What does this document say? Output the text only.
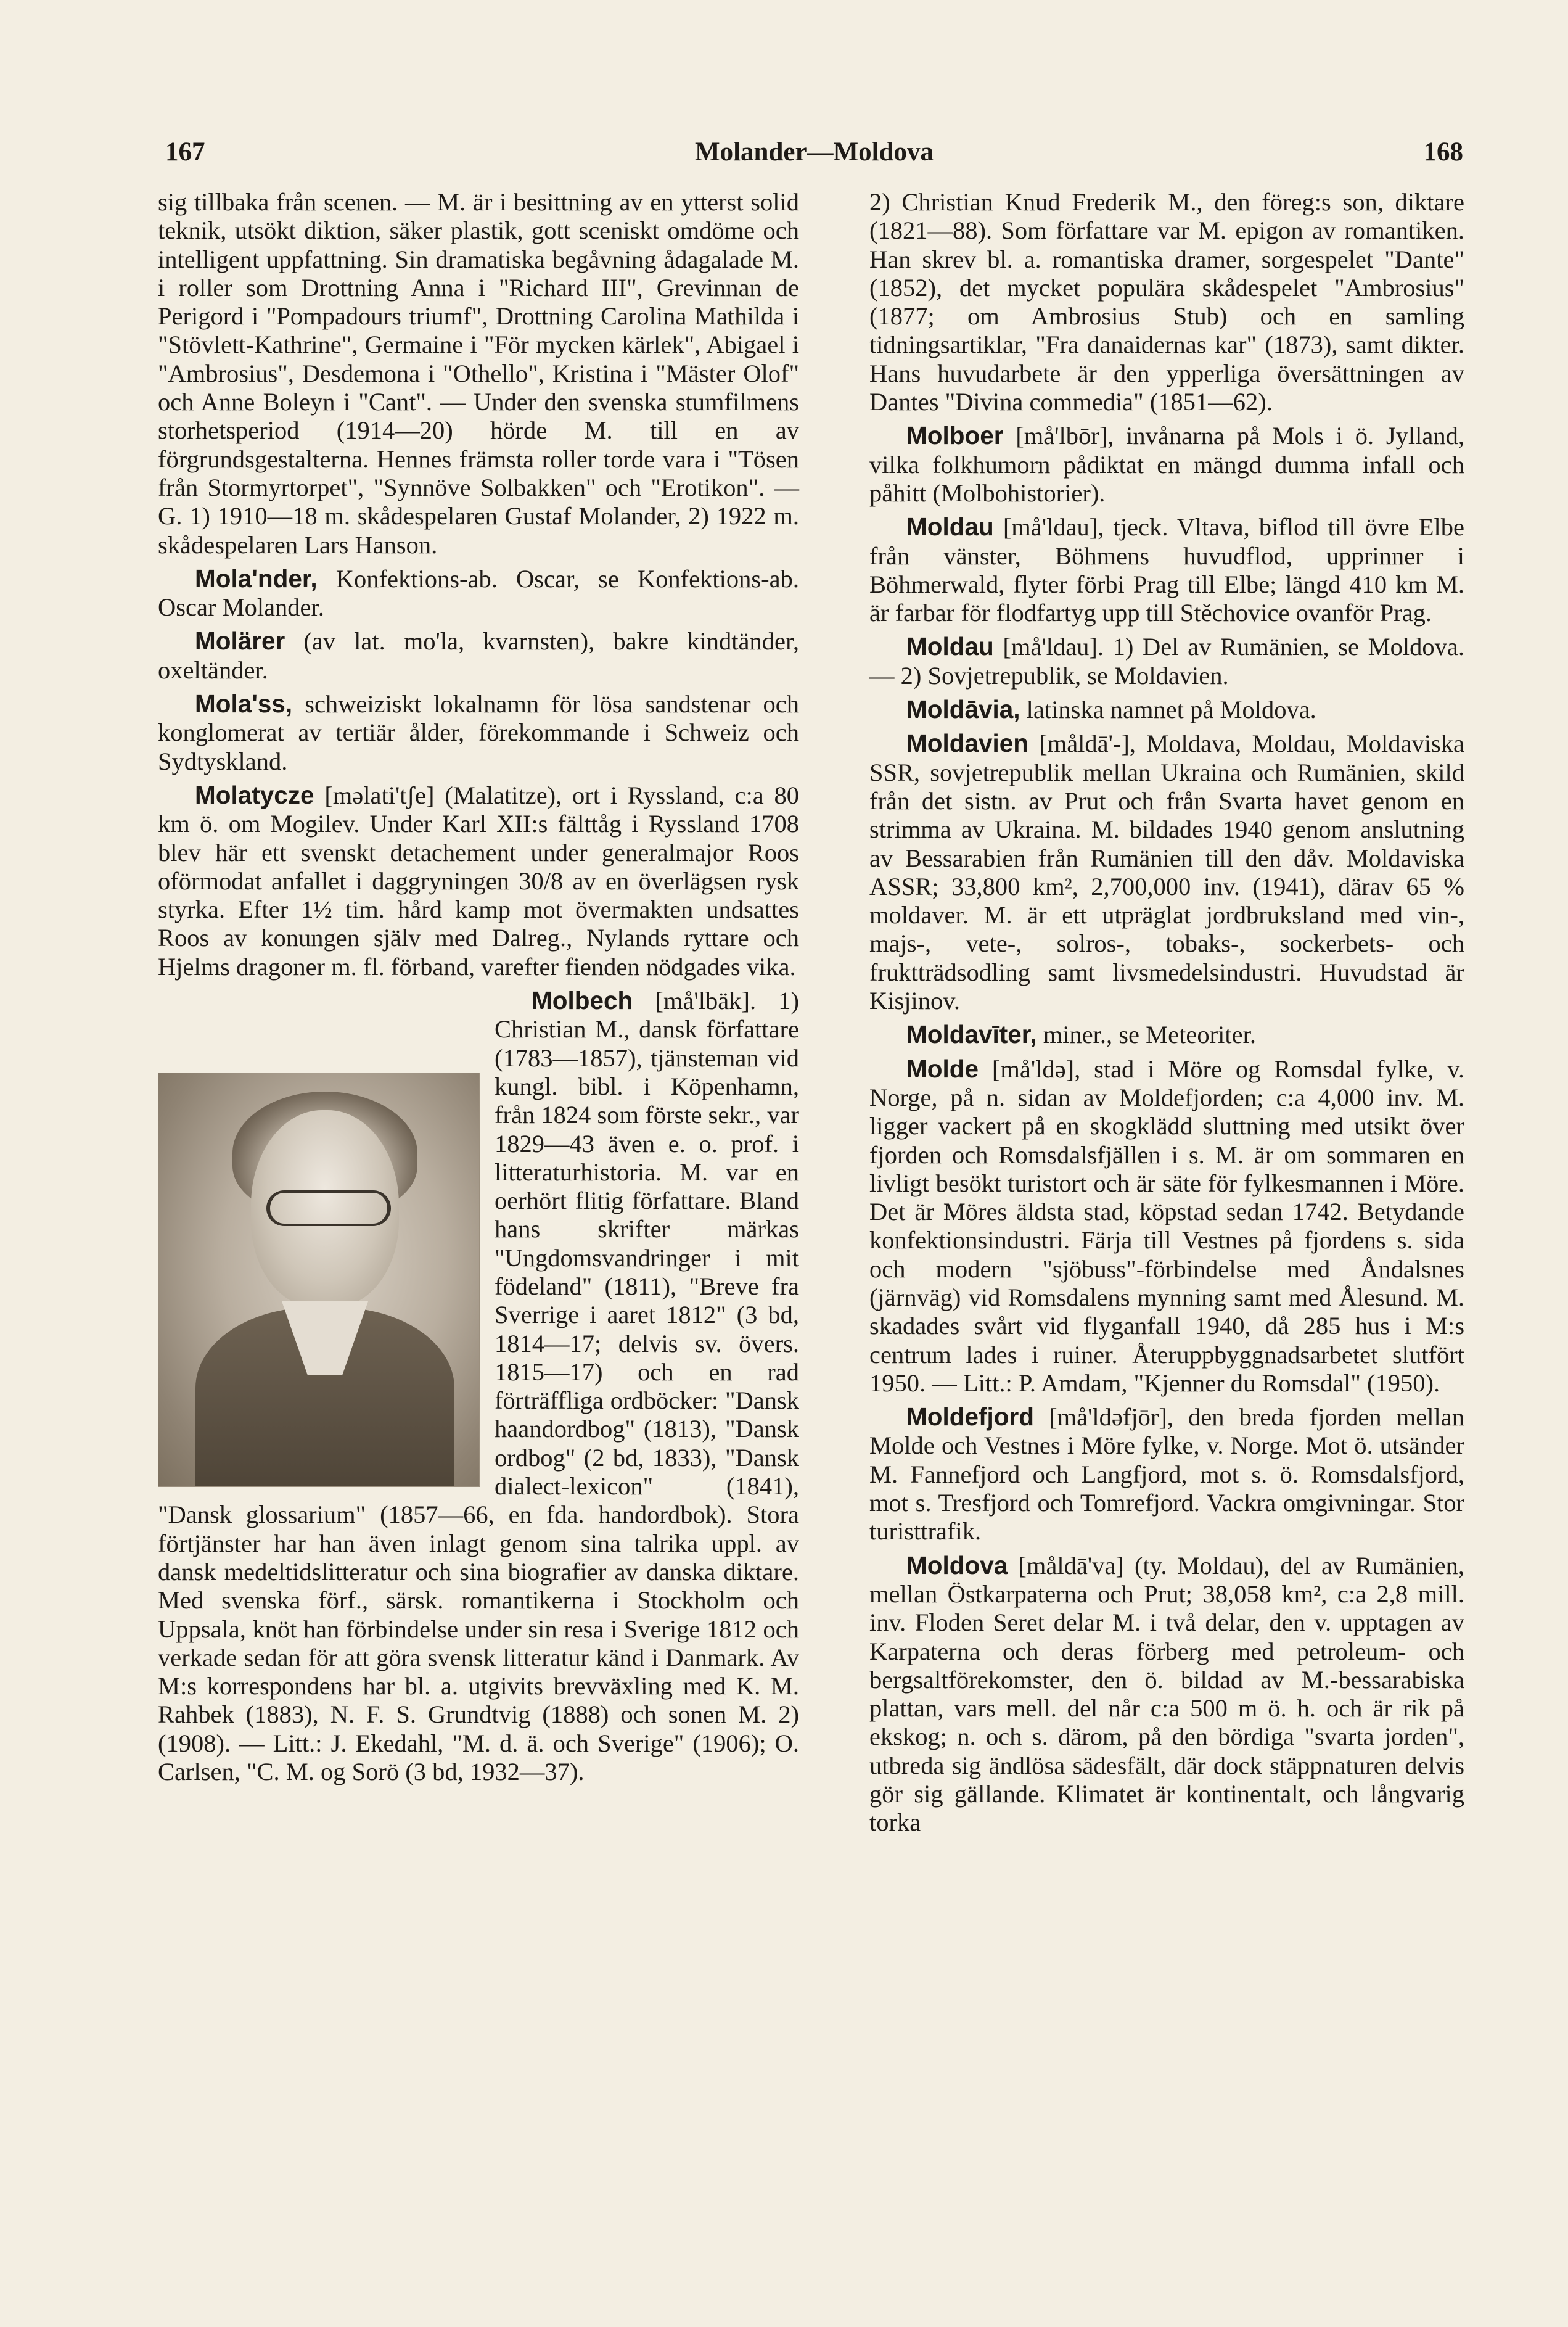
167	Molander—Moldova	168

sig tillbaka från scenen. — M. är i besittning av en ytterst solid teknik, utsökt diktion, säker plastik, gott sceniskt omdöme och intelligent uppfattning. Sin dramatiska begåvning ådagalade M. i roller som Drottning Anna i "Richard III", Grevinnan de Perigord i "Pompadours triumf", Drottning Carolina Mathilda i "Stövlett-Kathrine", Germaine i "För mycken kärlek", Abigael i "Ambrosius", Desdemona i "Othello", Kristina i "Mäster Olof" och Anne Boleyn i "Cant". — Under den svenska stumfilmens storhetsperiod (1914—20) hörde M. till en av förgrundsgestalterna. Hennes främsta roller torde vara i "Tösen från Stormyrtorpet", "Synnöve Solbakken" och "Erotikon". — G. 1) 1910—18 m. skådespelaren Gustaf Molander, 2) 1922 m. skådespelaren Lars Hanson.

Mola'nder, Konfektions-ab. Oscar, se Konfektions-ab. Oscar Molander.

Molärer (av lat. mo'la, kvarnsten), bakre kindtänder, oxeltänder.

Mola'ss, schweiziskt lokalnamn för lösa sandstenar och konglomerat av tertiär ålder, förekommande i Schweiz och Sydtyskland.

Molatycze [məlati'tʃe] (Malatitze), ort i Ryssland, c:a 80 km ö. om Mogilev. Under Karl XII:s fälttåg i Ryssland 1708 blev här ett svenskt detachement under generalmajor Roos oförmodat anfallet i daggryningen 30/8 av en överlägsen rysk styrka. Efter 1½ tim. hård kamp mot övermakten undsattes Roos av konungen själv med Dalreg., Nylands ryttare och Hjelms dragoner m. fl. förband, varefter fienden nödgades vika.

Molbech [må'lbäk]. 1) Christian M., dansk författare (1783—1857), tjänsteman vid kungl. bibl. i Köpenhamn, från 1824 som förste sekr., var 1829—43 även e. o. prof. i litteraturhistoria. M. var en oerhört flitig författare. Bland hans skrifter märkas "Ungdomsvandringer i mit födeland" (1811), "Breve fra Sverrige i aaret 1812" (3 bd, 1814—17; delvis sv. övers. 1815—17) och en rad förträffliga ordböcker: "Dansk haandordbog" (1813), "Dansk ordbog" (2 bd, 1833), "Dansk dialect-lexicon" (1841), "Dansk glossarium" (1857—66, en fda. handordbok). Stora förtjänster har han även inlagt genom sina talrika uppl. av dansk medeltidslitteratur och sina biografier av danska diktare. Med svenska förf., särsk. romantikerna i Stockholm och Uppsala, knöt han förbindelse under sin resa i Sverige 1812 och verkade sedan för att göra svensk litteratur känd i Danmark. Av M:s korrespondens har bl. a. utgivits brevväxling med K. M. Rahbek (1883), N. F. S. Grundtvig (1888) och sonen M. 2) (1908). — Litt.: J. Ekedahl, "M. d. ä. och Sverige" (1906); O. Carlsen, "C. M. og Sorö (3 bd, 1932—37).

2) Christian Knud Frederik M., den föreg:s son, diktare (1821—88). Som författare var M. epigon av romantiken. Han skrev bl. a. romantiska dramer, sorgespelet "Dante" (1852), det mycket populära skådespelet "Ambrosius" (1877; om Ambrosius Stub) och en samling tidningsartiklar, "Fra danaidernas kar" (1873), samt dikter. Hans huvudarbete är den ypperliga översättningen av Dantes "Divina commedia" (1851—62).

Molboer [må'lbōr], invånarna på Mols i ö. Jylland, vilka folkhumorn pådiktat en mängd dumma infall och påhitt (Molbohistorier).

Moldau [må'ldau], tjeck. Vltava, biflod till övre Elbe från vänster, Böhmens huvudflod, upprinner i Böhmerwald, flyter förbi Prag till Elbe; längd 410 km M. är farbar för flodfartyg upp till Stěchovice ovanför Prag.

Moldau [må'ldau]. 1) Del av Rumänien, se Moldova. — 2) Sovjetrepublik, se Moldavien.

Moldāvia, latinska namnet på Moldova.

Moldavien [måldā'-], Moldava, Moldau, Moldaviska SSR, sovjetrepublik mellan Ukraina och Rumänien, skild från det sistn. av Prut och från Svarta havet genom en strimma av Ukraina. M. bildades 1940 genom anslutning av Bessarabien från Rumänien till den dåv. Moldaviska ASSR; 33,800 km², 2,700,000 inv. (1941), därav 65 % moldaver. M. är ett utpräglat jordbruksland med vin-, majs-, vete-, solros-, tobaks-, sockerbets- och fruktträdsodling samt livsmedelsindustri. Huvudstad är Kisjinov.

Moldavīter, miner., se Meteoriter.

Molde [må'ldə], stad i Möre og Romsdal fylke, v. Norge, på n. sidan av Moldefjorden; c:a 4,000 inv. M. ligger vackert på en skogklädd sluttning med utsikt över fjorden och Romsdalsfjällen i s. M. är om sommaren en livligt besökt turistort och är säte för fylkesmannen i Möre. Det är Möres äldsta stad, köpstad sedan 1742. Betydande konfektionsindustri. Färja till Vestnes på fjordens s. sida och modern "sjöbuss"-förbindelse med Åndalsnes (järnväg) vid Romsdalens mynning samt med Ålesund. M. skadades svårt vid flyganfall 1940, då 285 hus i M:s centrum lades i ruiner. Återuppbyggnadsarbetet slutfört 1950. — Litt.: P. Amdam, "Kjenner du Romsdal" (1950).

Moldefjord [må'ldəfjōr], den breda fjorden mellan Molde och Vestnes i Möre fylke, v. Norge. Mot ö. utsänder M. Fannefjord och Langfjord, mot s. ö. Romsdalsfjord, mot s. Tresfjord och Tomrefjord. Vackra omgivningar. Stor turisttrafik.

Moldova [måldā'va] (ty. Moldau), del av Rumänien, mellan Östkarpaterna och Prut; 38,058 km², c:a 2,8 mill. inv. Floden Seret delar M. i två delar, den v. upptagen av Karpaterna och deras förberg med petroleum- och bergsaltförekomster, den ö. bildad av M.-bessarabiska plattan, vars mell. del når c:a 500 m ö. h. och är rik på ekskog; n. och s. därom, på den bördiga "svarta jorden", utbreda sig ändlösa sädesfält, där dock stäppnaturen delvis gör sig gällande. Klimatet är kontinentalt, och långvarig torka
